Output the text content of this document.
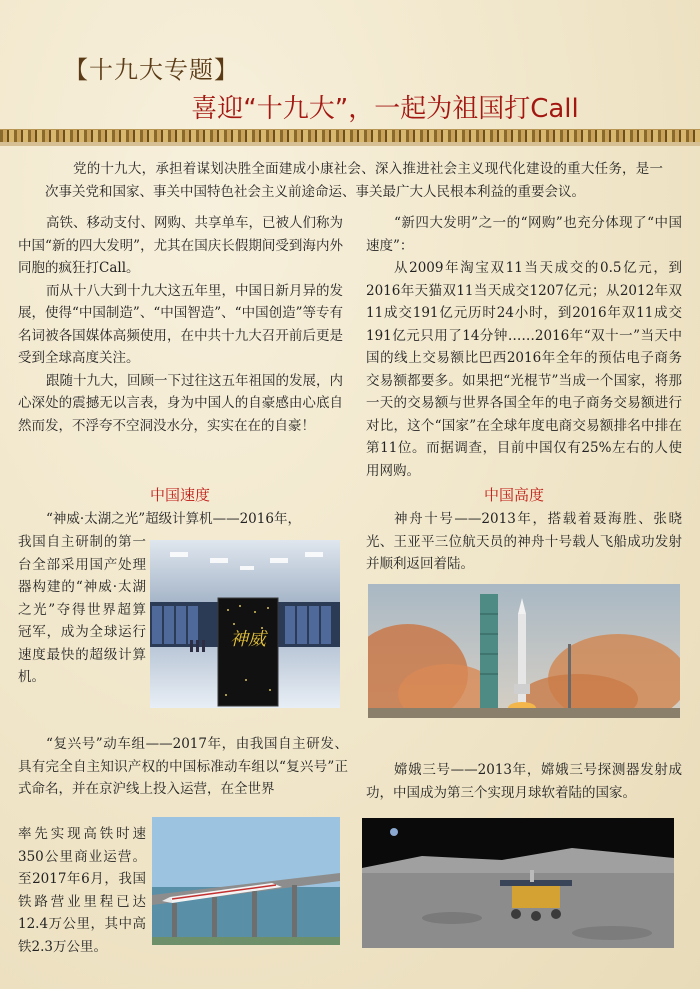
【十九大专题】
喜迎“十九大”，一起为祖国打Call

党的十九大，承担着谋划决胜全面建成小康社会、深入推进社会主义现代化建设的重大任务，是一次事关党和国家、事关中国特色社会主义前途命运、事关最广大人民根本利益的重要会议。

高铁、移动支付、网购、共享单车，已被人们称为中国“新的四大发明”，尤其在国庆长假期间受到海内外同胞的疯狂打Call。

而从十八大到十九大这五年里，中国日新月异的发展，使得“中国制造”、“中国智造”、“中国创造”等专有名词被各国媒体高频使用，在中共十九大召开前后更是受到全球高度关注。

跟随十九大，回顾一下过往这五年祖国的发展，内心深处的震撼无以言表，身为中国人的自豪感由心底自然而发，不浮夸不空洞没水分，实实在在的自豪！

“新四大发明”之一的“网购”也充分体现了“中国速度”：

从2009年淘宝双11当天成交的0.5亿元，到2016年天猫双11当天成交1207亿元；从2012年双11成交191亿元历时24小时，到2016年双11成交191亿元只用了14分钟……2016年“双十一”当天中国的线上交易额比巴西2016年全年的预估电子商务交易额都要多。如果把“光棍节”当成一个国家，将那一天的交易额与世界各国全年的电子商务交易额进行对比，这个“国家”在全球年度电商交易额排名中排在第11位。而据调查，目前中国仅有25%左右的人使用网购。

中国速度	中国高度
“神威·太湖之光”超级计算机——2016年，
我国自主研制的第一台全部采用国产处理器构建的“神威·太湖之光”夺得世界超算冠军，成为全球运行速度最快的超级计算机。
神威
神舟十号——2013年，搭载着聂海胜、张晓光、王亚平三位航天员的神舟十号载人飞船成功发射并顺利返回着陆。
“复兴号”动车组——2017年，由我国自主研发、具有完全自主知识产权的中国标准动车组以“复兴号”正式命名，并在京沪线上投入运营，在全世界
率先实现高铁时速350公里商业运营。至2017年6月，我国铁路营业里程已达12.4万公里，其中高铁2.3万公里。
嫦娥三号——2013年，嫦娥三号探测器发射成功，中国成为第三个实现月球软着陆的国家。
